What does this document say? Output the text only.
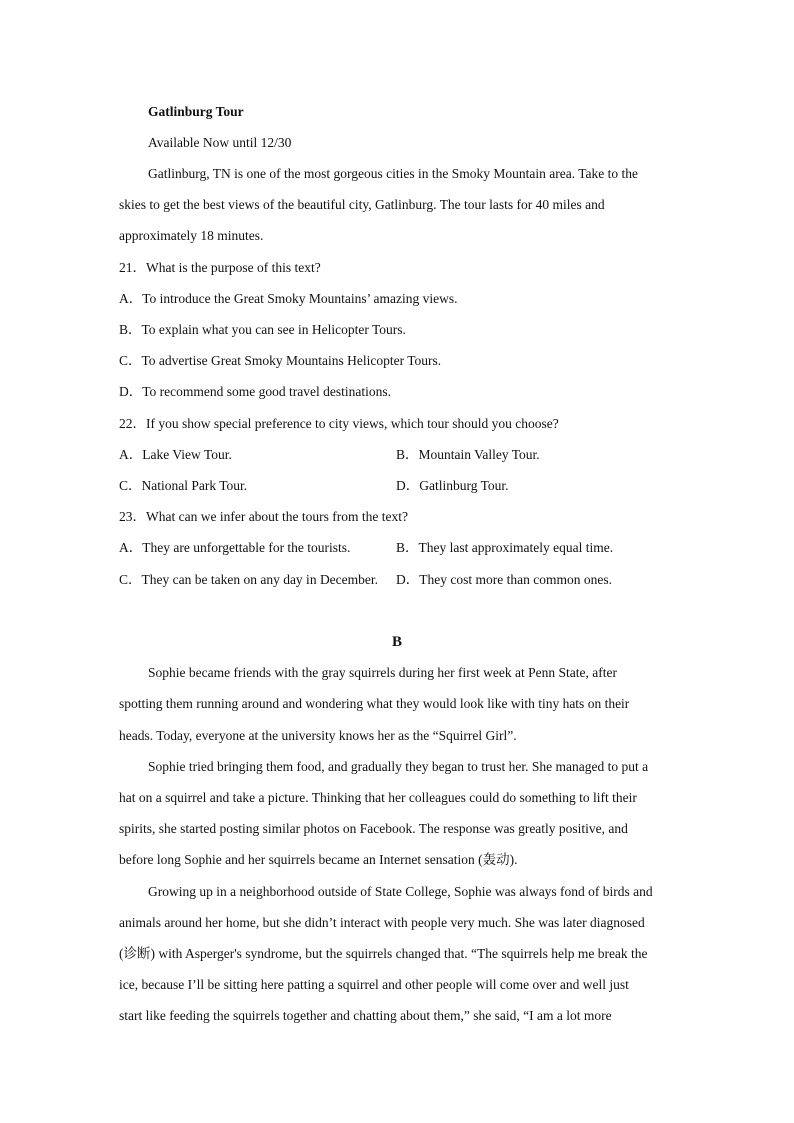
Gatlinburg Tour
Available Now until 12/30
Gatlinburg, TN is one of the most gorgeous cities in the Smoky Mountain area. Take to the
skies to get the best views of the beautiful city, Gatlinburg. The tour lasts for 40 miles and
approximately 18 minutes.
21．What is the purpose of this text?
A．To introduce the Great Smoky Mountains’ amazing views.
B．To explain what you can see in Helicopter Tours.
C．To advertise Great Smoky Mountains Helicopter Tours.
D．To recommend some good travel destinations.
22．If you show special preference to city views, which tour should you choose?
A．Lake View Tour.	B．Mountain Valley Tour.
C．National Park Tour.	D．Gatlinburg Tour.
23．What can we infer about the tours from the text?
A．They are unforgettable for the tourists.	B．They last approximately equal time.
C．They can be taken on any day in December. D．They cost more than common ones.
B
Sophie became friends with the gray squirrels during her first week at Penn State, after
spotting them running around and wondering what they would look like with tiny hats on their
heads. Today, everyone at the university knows her as the “Squirrel Girl”.
Sophie tried bringing them food, and gradually they began to trust her. She managed to put a
hat on a squirrel and take a picture. Thinking that her colleagues could do something to lift their
spirits, she started posting similar photos on Facebook. The response was greatly positive, and
before long Sophie and her squirrels became an Internet sensation (轰动).
Growing up in a neighborhood outside of State College, Sophie was always fond of birds and
animals around her home, but she didn’t interact with people very much. She was later diagnosed
(诊断) with Asperger's syndrome, but the squirrels changed that. “The squirrels help me break the
ice, because I’ll be sitting here patting a squirrel and other people will come over and well just
start like feeding the squirrels together and chatting about them,” she said, “I am a lot more
